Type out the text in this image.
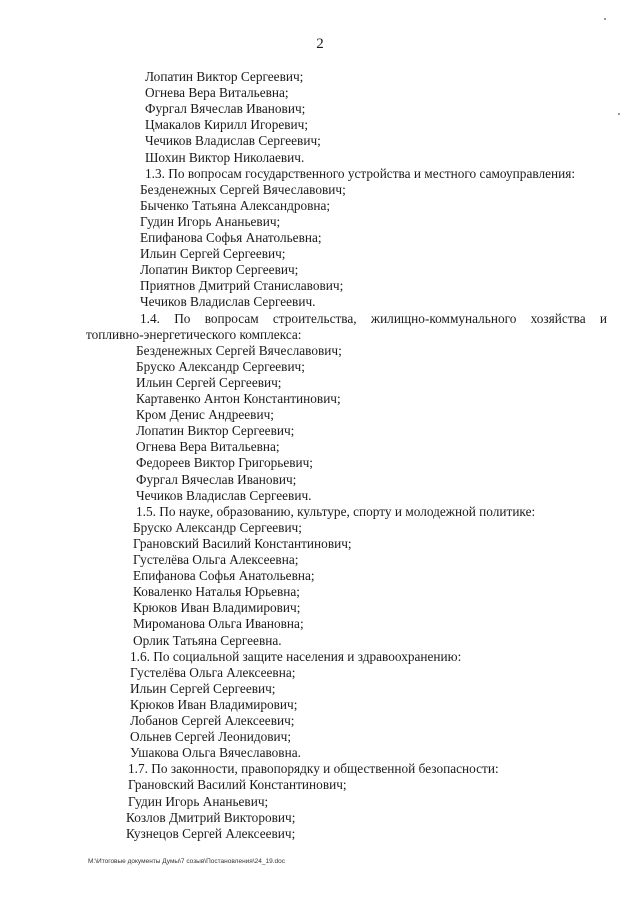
2
Лопатин Виктор Сергеевич;
Огнева Вера Витальевна;
Фургал Вячеслав Иванович;
Цмакалов Кирилл Игоревич;
Чечиков Владислав Сергеевич;
Шохин Виктор Николаевич.
1.3. По вопросам государственного устройства и местного самоуправления:
Безденежных Сергей Вячеславович;
Быченко Татьяна Александровна;
Гудин Игорь Ананьевич;
Епифанова Софья Анатольевна;
Ильин Сергей Сергеевич;
Лопатин Виктор Сергеевич;
Приятнов Дмитрий Станиславович;
Чечиков Владислав Сергеевич.
1.4. По вопросам строительства, жилищно-коммунального хозяйства и
топливно-энергетического комплекса:
Безденежных Сергей Вячеславович;
Бруско Александр Сергеевич;
Ильин Сергей Сергеевич;
Картавенко Антон Константинович;
Кром Денис Андреевич;
Лопатин Виктор Сергеевич;
Огнева Вера Витальевна;
Федореев Виктор Григорьевич;
Фургал Вячеслав Иванович;
Чечиков Владислав Сергеевич.
1.5. По науке, образованию, культуре, спорту и молодежной политике:
Бруско Александр Сергеевич;
Грановский Василий Константинович;
Густелёва Ольга Алексеевна;
Епифанова Софья Анатольевна;
Коваленко Наталья Юрьевна;
Крюков Иван Владимирович;
Мироманова Ольга Ивановна;
Орлик Татьяна Сергеевна.
1.6. По социальной защите населения и здравоохранению:
Густелёва Ольга Алексеевна;
Ильин Сергей Сергеевич;
Крюков Иван Владимирович;
Лобанов Сергей Алексеевич;
Ольнев Сергей Леонидович;
Ушакова Ольга Вячеславовна.
1.7. По законности, правопорядку и общественной безопасности:
Грановский Василий Константинович;
Гудин Игорь Ананьевич;
Козлов Дмитрий Викторович;
Кузнецов Сергей Алексеевич;
M:\Итоговые документы Думы\7 созыв\Постановления\24_19.doc
